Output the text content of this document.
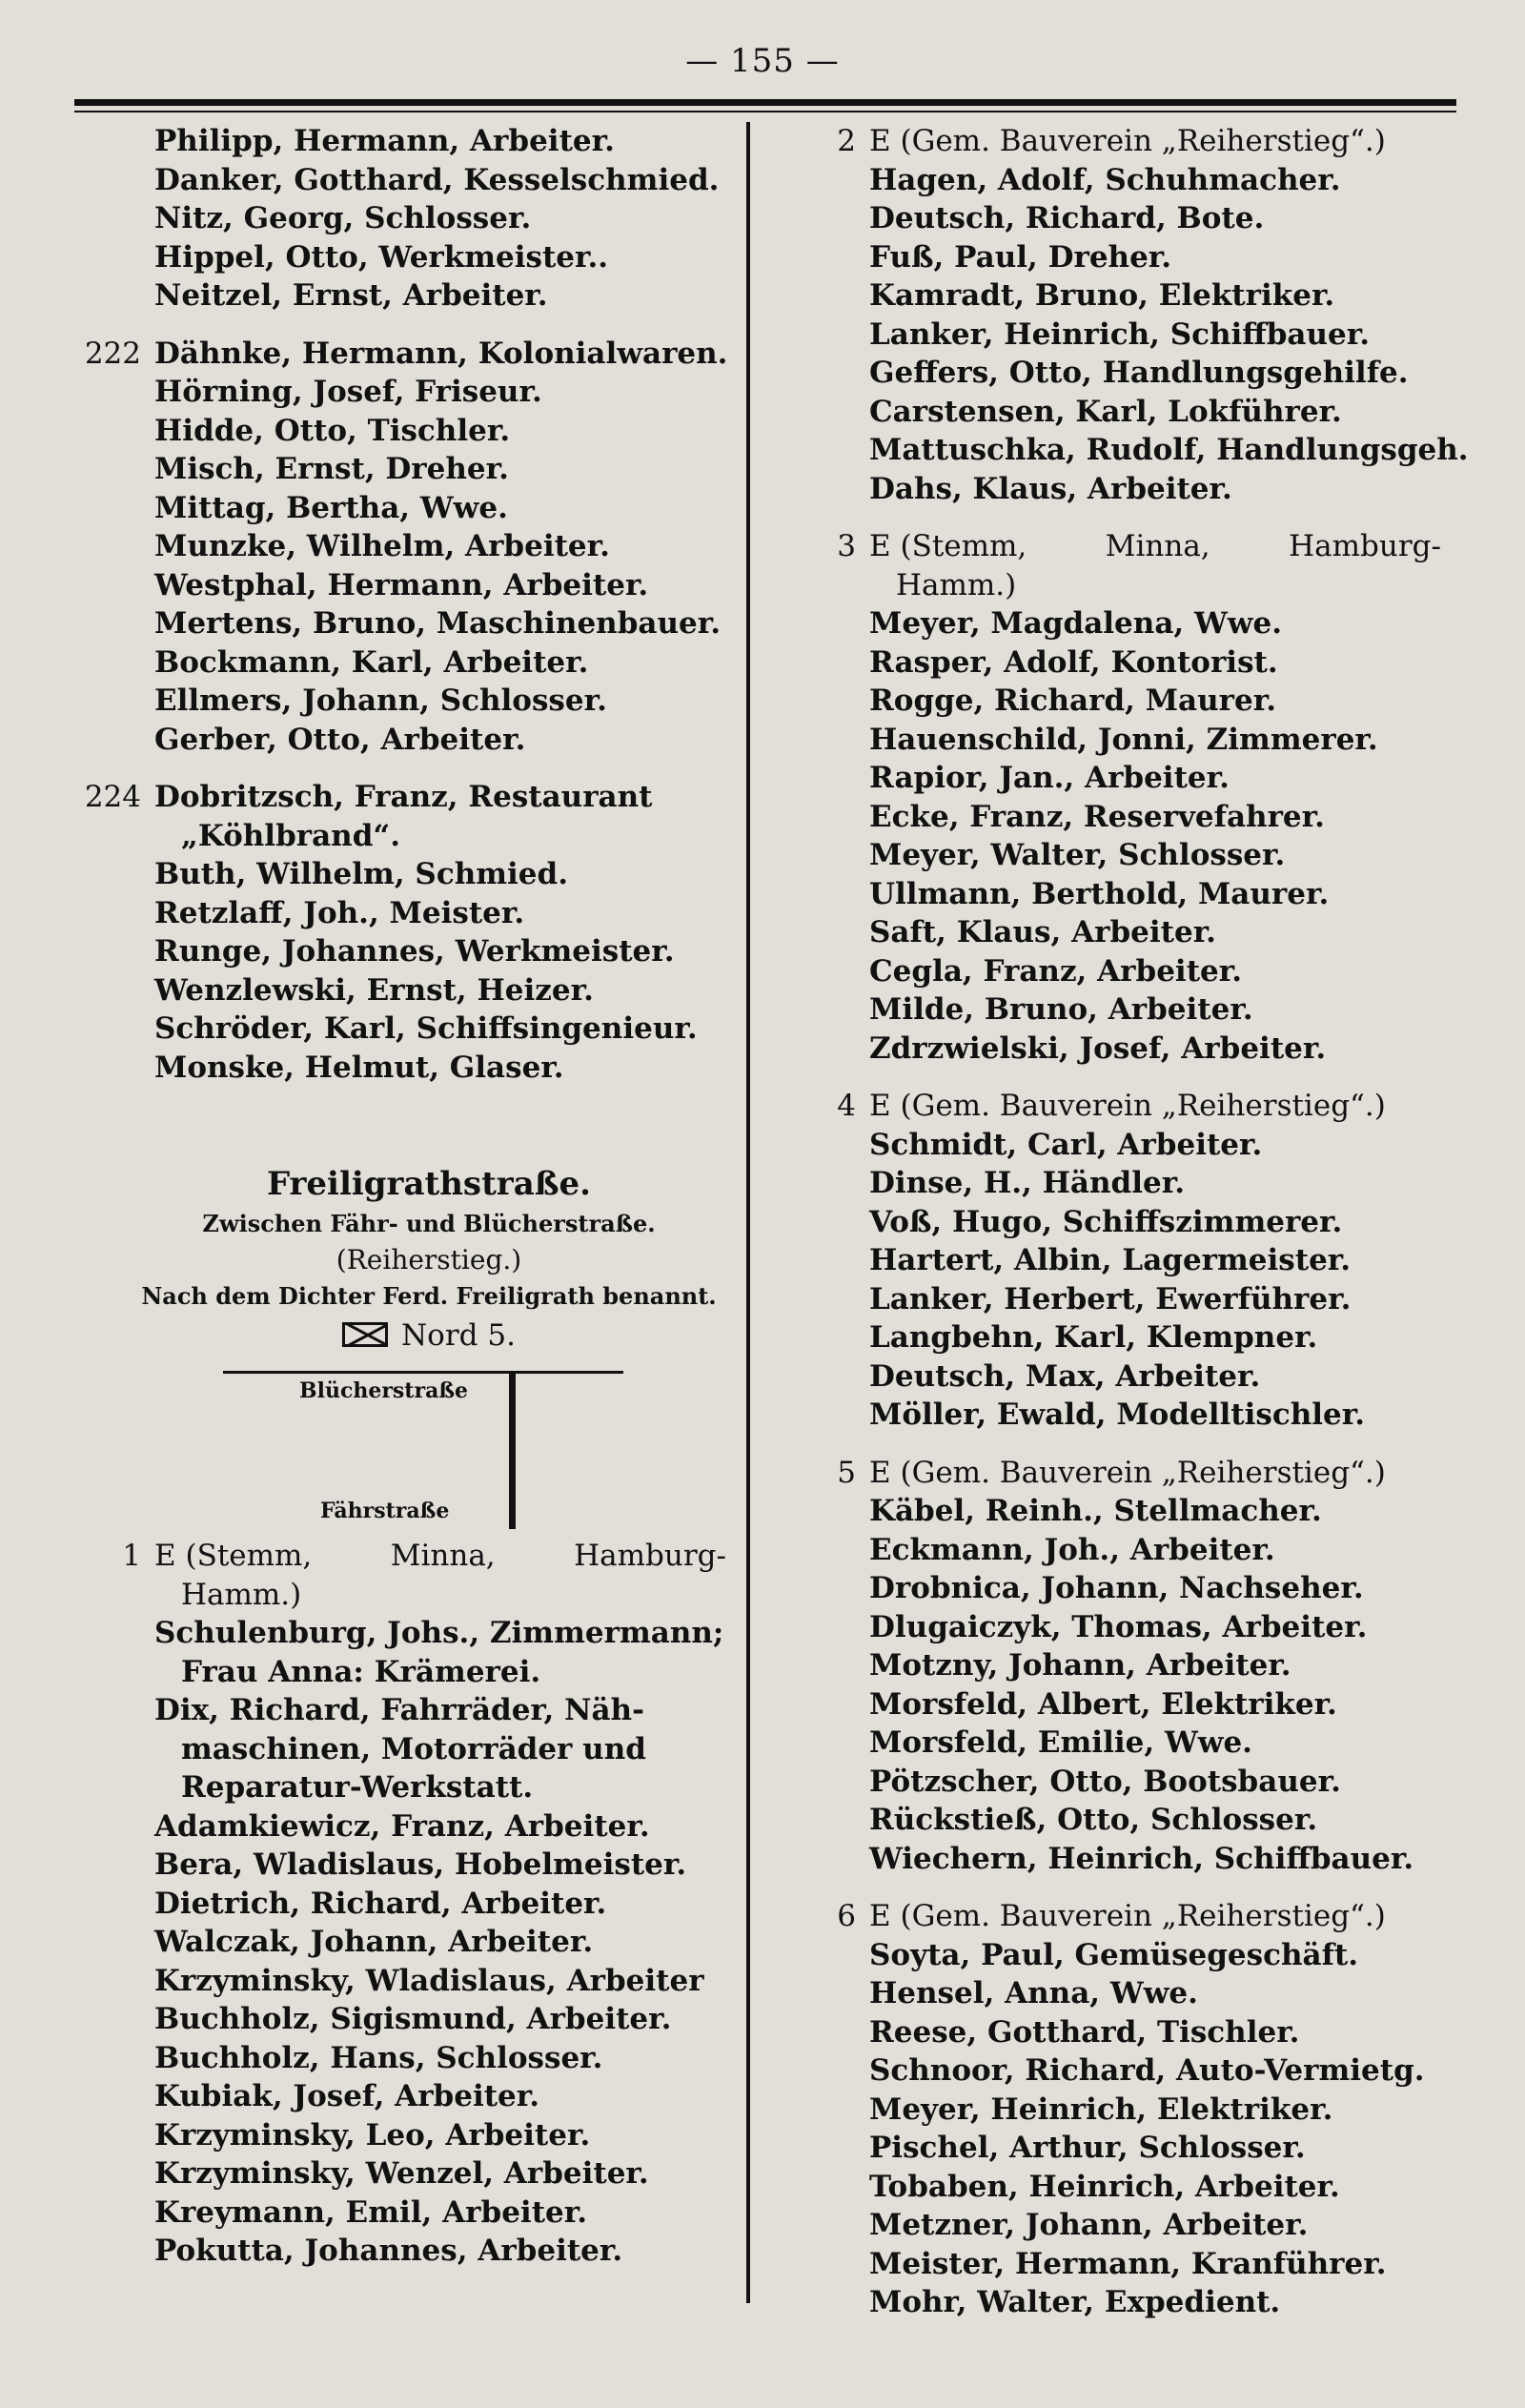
— 155 —
Philipp, Hermann, Arbeiter.
Danker, Gotthard, Kesselschmied.
Nitz, Georg, Schlosser.
Hippel, Otto, Werkmeister..
Neitzel, Ernst, Arbeiter.
222 Dähnke, Hermann, Kolonialwaren.
Hörning, Josef, Friseur.
Hidde, Otto, Tischler.
Misch, Ernst, Dreher.
Mittag, Bertha, Wwe.
Munzke, Wilhelm, Arbeiter.
Westphal, Hermann, Arbeiter.
Mertens, Bruno, Maschinenbauer.
Bockmann, Karl, Arbeiter.
Ellmers, Johann, Schlosser.
Gerber, Otto, Arbeiter.
224 Dobritzsch, Franz, Restaurant
„Köhlbrand“.
Buth, Wilhelm, Schmied.
Retzlaff, Joh., Meister.
Runge, Johannes, Werkmeister.
Wenzlewski, Ernst, Heizer.
Schröder, Karl, Schiffsingenieur.
Monske, Helmut, Glaser.
Freiligrathstraße.
Zwischen Fähr- und Blücherstraße.
(Reiherstieg.)
Nach dem Dichter Ferd. Freiligrath benannt.
Nord 5.
Blücherstraße
Fährstraße
1 E (Stemm,	Minna,	Hamburg-
Hamm.)
Schulenburg, Johs., Zimmermann;
Frau Anna: Krämerei.
Dix, Richard, Fahrräder, Näh-
maschinen, Motorräder und
Reparatur-Werkstatt.
Adamkiewicz, Franz, Arbeiter.
Bera, Wladislaus, Hobelmeister.
Dietrich, Richard, Arbeiter.
Walczak, Johann, Arbeiter.
Krzyminsky, Wladislaus, Arbeiter
Buchholz, Sigismund, Arbeiter.
Buchholz, Hans, Schlosser.
Kubiak, Josef, Arbeiter.
Krzyminsky, Leo, Arbeiter.
Krzyminsky, Wenzel, Arbeiter.
Kreymann, Emil, Arbeiter.
Pokutta, Johannes, Arbeiter.
2 E (Gem. Bauverein „Reiherstieg“.)
Hagen, Adolf, Schuhmacher.
Deutsch, Richard, Bote.
Fuß, Paul, Dreher.
Kamradt, Bruno, Elektriker.
Lanker, Heinrich, Schiffbauer.
Geffers, Otto, Handlungsgehilfe.
Carstensen, Karl, Lokführer.
Mattuschka, Rudolf, Handlungsgeh.
Dahs, Klaus, Arbeiter.
3 E (Stemm,	Minna,	Hamburg-
Hamm.)
Meyer, Magdalena, Wwe.
Rasper, Adolf, Kontorist.
Rogge, Richard, Maurer.
Hauenschild, Jonni, Zimmerer.
Rapior, Jan., Arbeiter.
Ecke, Franz, Reservefahrer.
Meyer, Walter, Schlosser.
Ullmann, Berthold, Maurer.
Saft, Klaus, Arbeiter.
Cegla, Franz, Arbeiter.
Milde, Bruno, Arbeiter.
Zdrzwielski, Josef, Arbeiter.
4 E (Gem. Bauverein „Reiherstieg“.)
Schmidt, Carl, Arbeiter.
Dinse, H., Händler.
Voß, Hugo, Schiffszimmerer.
Hartert, Albin, Lagermeister.
Lanker, Herbert, Ewerführer.
Langbehn, Karl, Klempner.
Deutsch, Max, Arbeiter.
Möller, Ewald, Modelltischler.
5 E (Gem. Bauverein „Reiherstieg“.)
Käbel, Reinh., Stellmacher.
Eckmann, Joh., Arbeiter.
Drobnica, Johann, Nachseher.
Dlugaiczyk, Thomas, Arbeiter.
Motzny, Johann, Arbeiter.
Morsfeld, Albert, Elektriker.
Morsfeld, Emilie, Wwe.
Pötzscher, Otto, Bootsbauer.
Rückstieß, Otto, Schlosser.
Wiechern, Heinrich, Schiffbauer.
6 E (Gem. Bauverein „Reiherstieg“.)
Soyta, Paul, Gemüsegeschäft.
Hensel, Anna, Wwe.
Reese, Gotthard, Tischler.
Schnoor, Richard, Auto-Vermietg.
Meyer, Heinrich, Elektriker.
Pischel, Arthur, Schlosser.
Tobaben, Heinrich, Arbeiter.
Metzner, Johann, Arbeiter.
Meister, Hermann, Kranführer.
Mohr, Walter, Expedient.
